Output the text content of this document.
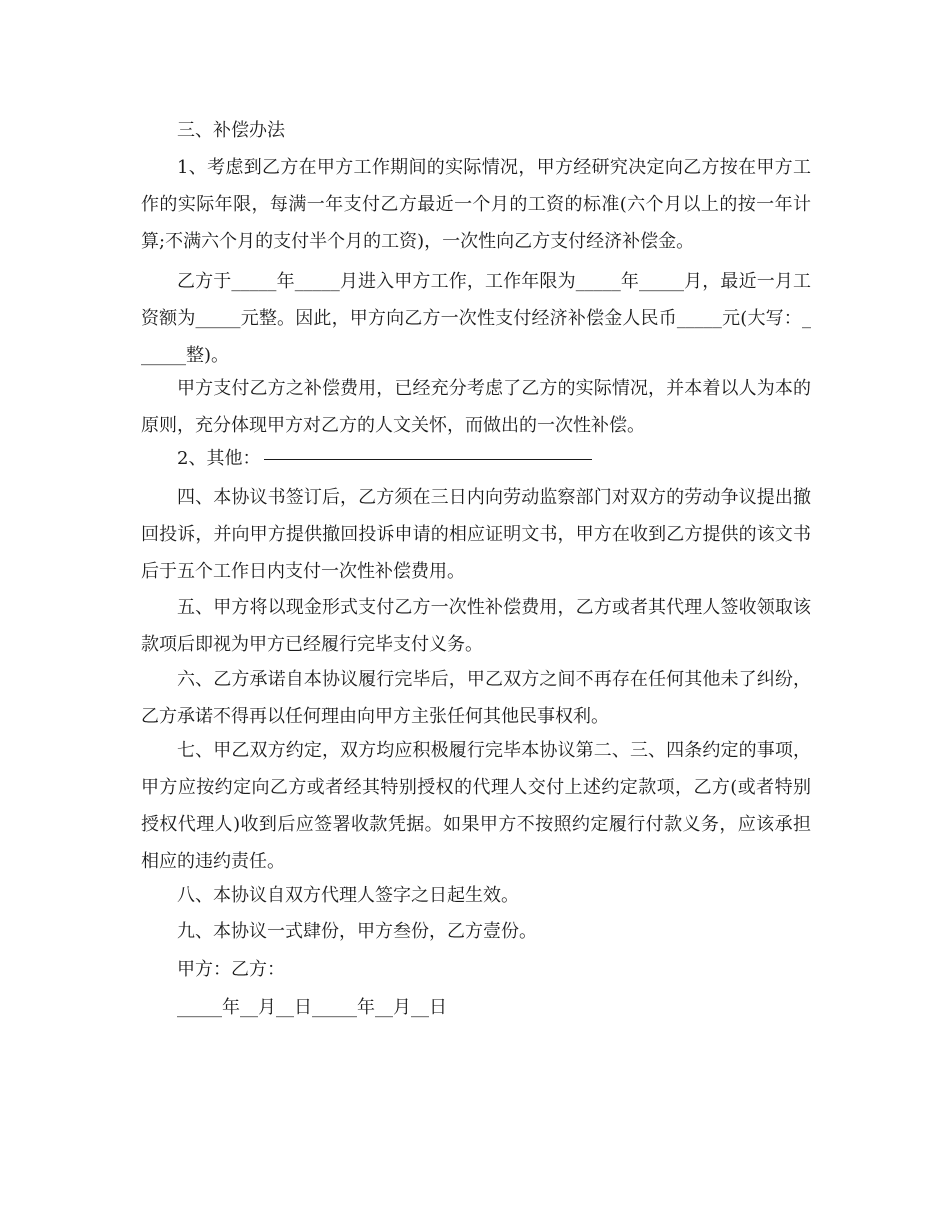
三、补偿办法

1、考虑到乙方在甲方工作期间的实际情况，甲方经研究决定向乙方按在甲方工作的实际年限，每满一年支付乙方最近一个月的工资的标准(六个月以上的按一年计算;不满六个月的支付半个月的工资)，一次性向乙方支付经济补偿金。

乙方于_____年_____月进入甲方工作，工作年限为_____年_____月，最近一月工资额为_____元整。因此，甲方向乙方一次性支付经济补偿金人民币_____元(大写：______整)。

甲方支付乙方之补偿费用，已经充分考虑了乙方的实际情况，并本着以人为本的原则，充分体现甲方对乙方的人文关怀，而做出的一次性补偿。

2、其他：

四、本协议书签订后，乙方须在三日内向劳动监察部门对双方的劳动争议提出撤回投诉，并向甲方提供撤回投诉申请的相应证明文书，甲方在收到乙方提供的该文书后于五个工作日内支付一次性补偿费用。

五、甲方将以现金形式支付乙方一次性补偿费用，乙方或者其代理人签收领取该款项后即视为甲方已经履行完毕支付义务。

六、乙方承诺自本协议履行完毕后，甲乙双方之间不再存在任何其他未了纠纷，乙方承诺不得再以任何理由向甲方主张任何其他民事权利。

七、甲乙双方约定，双方均应积极履行完毕本协议第二、三、四条约定的事项，甲方应按约定向乙方或者经其特别授权的代理人交付上述约定款项，乙方(或者特别授权代理人)收到后应签署收款凭据。如果甲方不按照约定履行付款义务，应该承担相应的违约责任。

八、本协议自双方代理人签字之日起生效。

九、本协议一式肆份，甲方叁份，乙方壹份。

甲方：乙方：

_____年__月__日_____年__月__日
